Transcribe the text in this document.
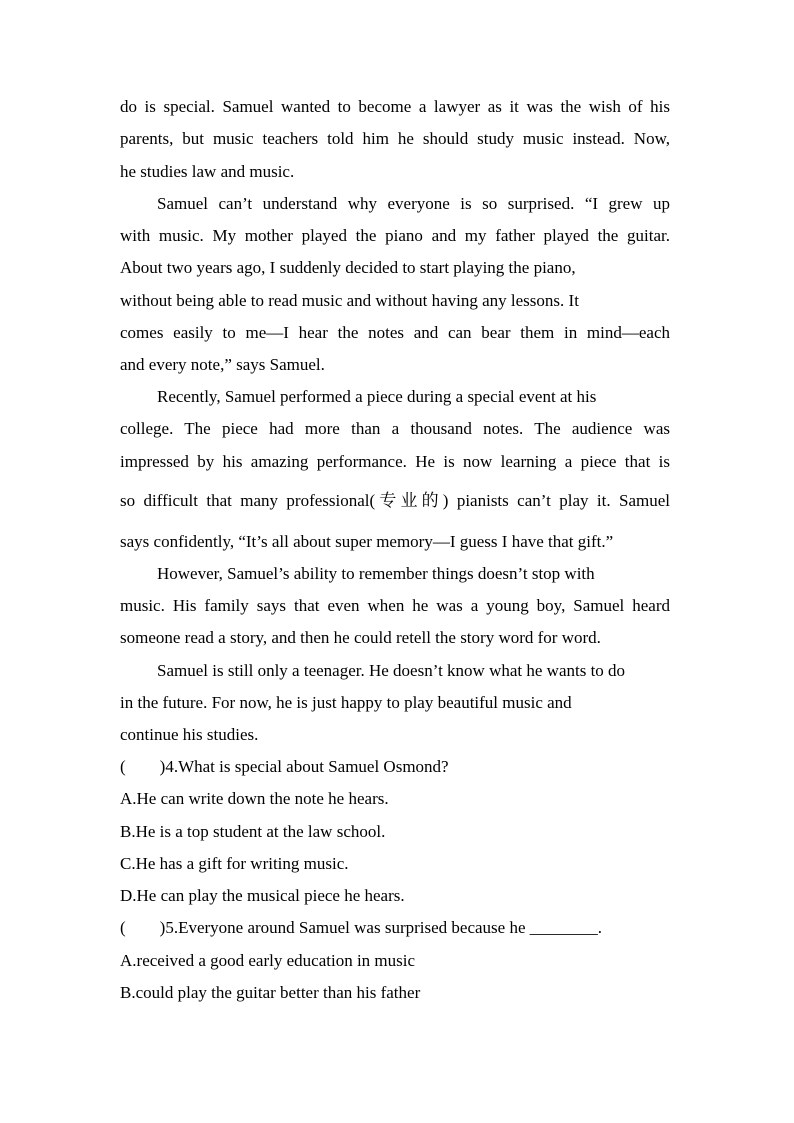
do is special. Samuel wanted to become a lawyer as it was the wish of his
parents, but music teachers told him he should study music instead. Now,
he studies law and music.
Samuel can’t understand why everyone is so surprised. “I grew up
with music. My mother played the piano and my father played the guitar.
About two years ago, I suddenly decided to start playing the piano,
without being able to read music and without having any lessons. It
comes easily to me—I hear the notes and can bear them in mind—each
and every note,” says Samuel.
Recently, Samuel performed a piece during a special event at his
college. The piece had more than a thousand notes. The audience was
impressed by his amazing performance. He is now learning a piece that is
so difficult that many professional(专业的) pianists can’t play it. Samuel
says confidently, “It’s all about super memory—I guess I have that gift.”
However, Samuel’s ability to remember things doesn’t stop with
music. His family says that even when he was a young boy, Samuel heard
someone read a story, and then he could retell the story word for word.
Samuel is still only a teenager. He doesn’t know what he wants to do
in the future. For now, he is just happy to play beautiful music and
continue his studies.
(        )4.What is special about Samuel Osmond?
A.He can write down the note he hears.
B.He is a top student at the law school.
C.He has a gift for writing music.
D.He can play the musical piece he hears.
(        )5.Everyone around Samuel was surprised because he ________.
A.received a good early education in music
B.could play the guitar better than his father
